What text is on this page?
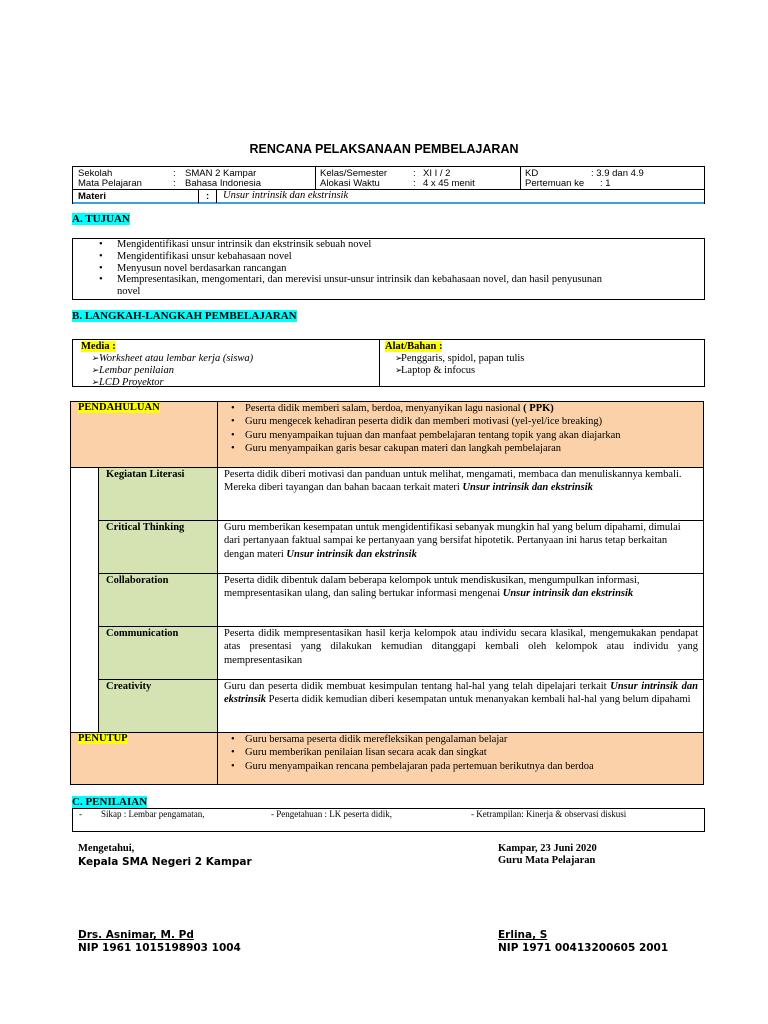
RENCANA PELAKSANAAN PEMBELAJARAN
Sekolah	: SMAN 2 Kampar
Mata Pelajaran	: Bahasa Indonesia
Kelas/Semester	: XI I / 2
Alokasi Waktu	: 4 x 45 menit
KD	: 3.9 dan 4.9
Pertemuan ke : 1
Materi	: Unsur intrinsik dan ekstrinsik
A. TUJUAN
• Mengidentifikasi unsur intrinsik dan ekstrinsik sebuah novel
• Mengidentifikasi unsur kebahasaan novel
• Menyusun novel berdasarkan rancangan
• Mempresentasikan, mengomentari, dan merevisi unsur-unsur intrinsik dan kebahasaan novel, dan hasil penyusunan
novel
B. LANGKAH-LANGKAH PEMBELAJARAN
Media :
➢ Worksheet atau lembar kerja (siswa)
➢ Lembar penilaian
➢ LCD Proyektor
Alat/Bahan :
➢ Penggaris, spidol, papan tulis
➢ Laptop & infocus
PENDAHULUAN	• Peserta didik memberi salam, berdoa, menyanyikan lagu nasional ( PPK)
• Guru mengecek kehadiran peserta didik dan memberi motivasi (yel-yel/ice breaking)
• Guru menyampaikan tujuan dan manfaat pembelajaran tentang topik yang akan diajarkan
• Guru menyampaikan garis besar cakupan materi dan langkah pembelajaran
Kegiatan Literasi	Peserta didik diberi motivasi dan panduan untuk melihat, mengamati, membaca dan menuliskannya kembali. Mereka diberi tayangan dan bahan bacaan terkait materi Unsur intrinsik dan ekstrinsik
Critical Thinking	Guru memberikan kesempatan untuk mengidentifikasi sebanyak mungkin hal yang belum dipahami, dimulai dari pertanyaan faktual sampai ke pertanyaan yang bersifat hipotetik. Pertanyaan ini harus tetap berkaitan dengan materi Unsur intrinsik dan ekstrinsik
Collaboration	Peserta didik dibentuk dalam beberapa kelompok untuk mendiskusikan, mengumpulkan informasi, mempresentasikan ulang, dan saling bertukar informasi mengenai Unsur intrinsik dan ekstrinsik
Communication	Peserta didik mempresentasikan hasil kerja kelompok atau individu secara klasikal, mengemukakan pendapat atas presentasi yang dilakukan kemudian ditanggapi kembali oleh kelompok atau individu yang mempresentasikan
Creativity	Guru dan peserta didik membuat kesimpulan tentang hal-hal yang telah dipelajari terkait Unsur intrinsik dan ekstrinsik Peserta didik kemudian diberi kesempatan untuk menanyakan kembali hal-hal yang belum dipahami
PENUTUP	• Guru bersama peserta didik merefleksikan pengalaman belajar
• Guru memberikan penilaian lisan secara acak dan singkat
• Guru menyampaikan rencana pembelajaran pada pertemuan berikutnya dan berdoa
C. PENILAIAN
- Sikap : Lembar pengamatan,	- Pengetahuan : LK peserta didik,	- Ketrampilan: Kinerja & observasi diskusi
Mengetahui,
Kepala SMA Negeri 2 Kampar
Drs. Asnimar, M. Pd
NIP 1961 1015198903 1004
Kampar, 23 Juni 2020
Guru Mata Pelajaran
Erlina, S
NIP 1971 00413200605 2001
